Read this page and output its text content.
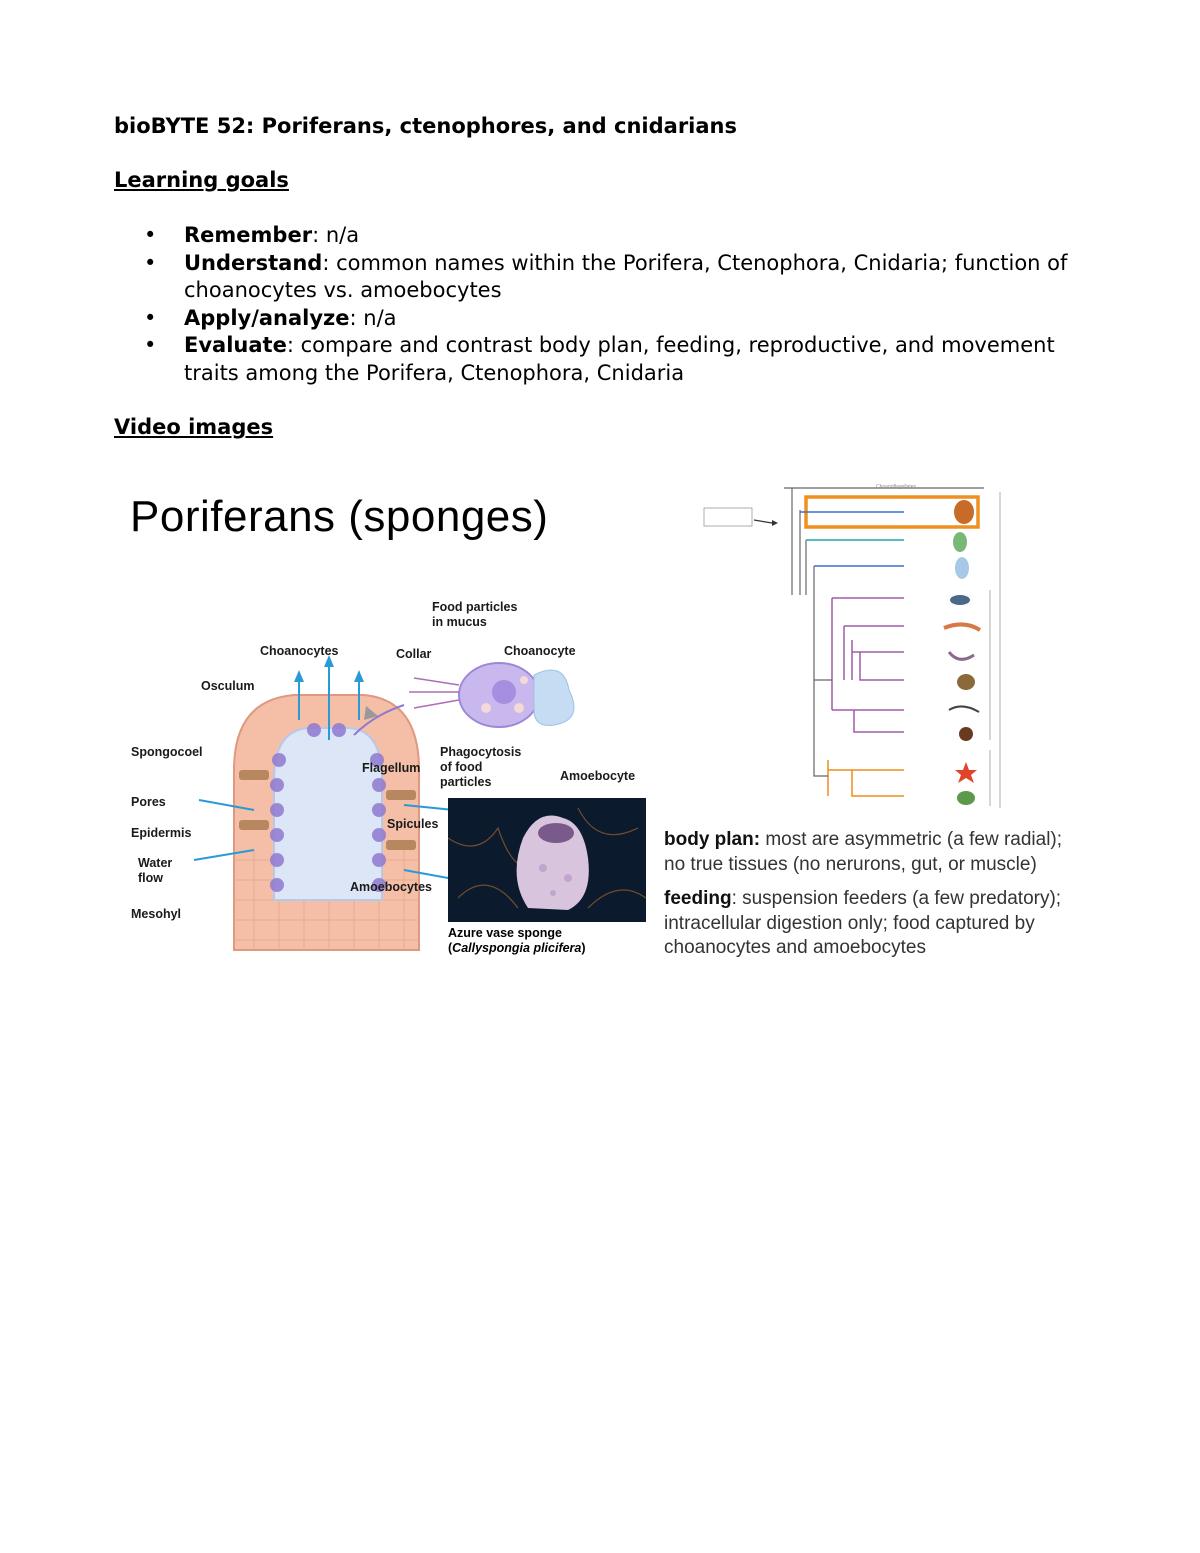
bioBYTE 52: Poriferans, ctenophores, and cnidarians
Learning goals
• Remember: n/a
• Understand: common names within the Porifera, Ctenophora, Cnidaria; function of choanocytes vs. amoebocytes
• Apply/analyze: n/a
• Evaluate: compare and contrast body plan, feeding, reproductive, and movement traits among the Porifera, Ctenophora, Cnidaria
Video images
Poriferans (sponges)
Food particles
in mucus
Choanocytes	Collar	Choanocyte
Osculum
Spongocoel
Flagellum
Phagocytosis
of food
particles	Amoebocyte
Pores
Spicules
Epidermis
Water
flow
Amoebocytes
Mesohyl
Azure vase sponge
(Callyspongia plicifera)
Choanoflagellates

body plan: most are asymmetric (a few radial); no true tissues (no nerurons, gut, or muscle)

feeding: suspension feeders (a few predatory); intracellular digestion only; food captured by choanocytes and amoebocytes
